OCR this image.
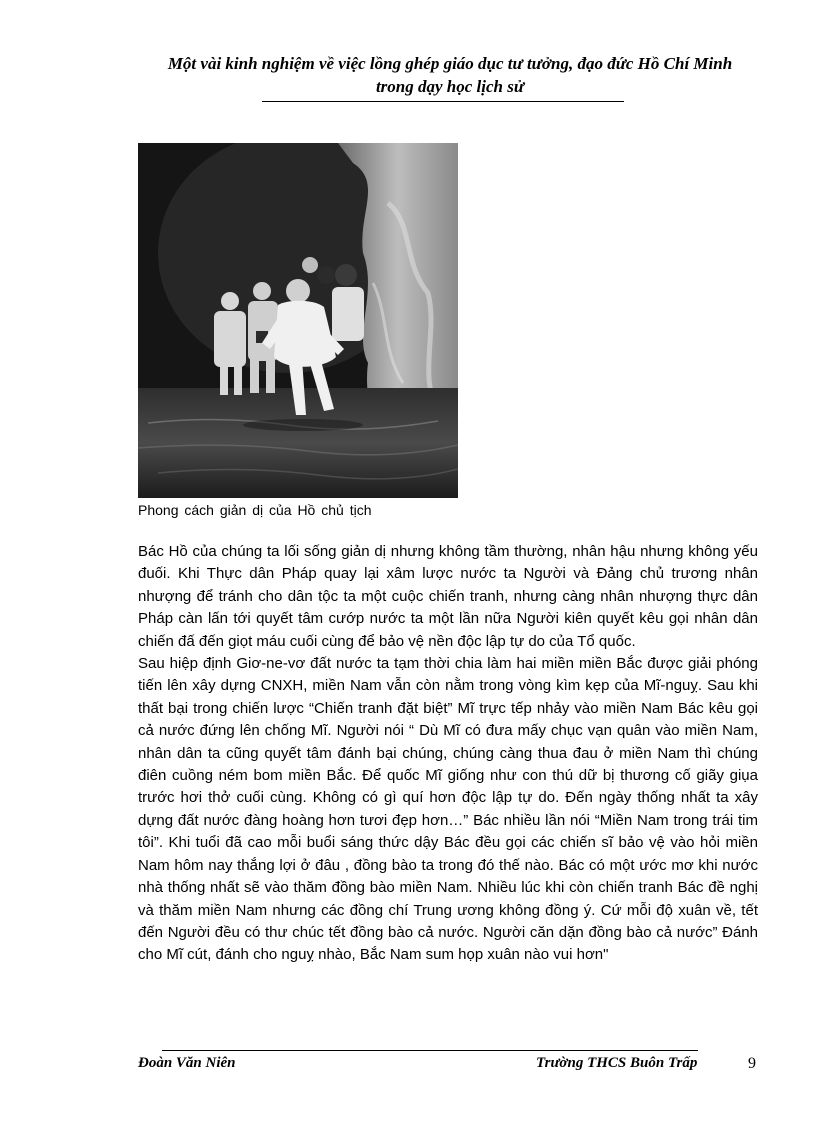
Một vài kinh nghiệm về việc lồng ghép giáo dục tư tưởng, đạo đức Hồ Chí Minh
trong dạy học lịch sử
Phong cách giản dị của Hồ chủ tịch

Bác Hồ của chúng ta lối sống giản dị nhưng không tầm thường, nhân hậu nhưng không yếu đuối. Khi Thực dân Pháp quay lại xâm lược nước ta Người và Đảng chủ trương nhân nhượng để tránh cho dân tộc ta một cuộc chiến tranh, nhưng càng nhân nhượng thực dân Pháp càn lấn tới quyết tâm cướp nước ta một lần nữa Người kiên quyết kêu gọi nhân dân chiến đấ đến giọt máu cuối cùng để bảo vệ nền độc lập tự do của Tổ quốc.

Sau hiệp định Giơ-ne-vơ đất nước ta tạm thời chia làm hai miền miền Bắc được giải phóng tiến lên xây dựng CNXH, miền Nam vẫn còn nằm trong vòng kìm kẹp của Mĩ-nguỵ. Sau khi thất bại trong chiến lược “Chiến tranh đặt biệt” Mĩ trực tếp nhảy vào miền Nam Bác kêu gọi cả nước đứng lên chống Mĩ. Người nói “ Dù Mĩ có đưa mấy chục vạn quân vào miền Nam, nhân dân ta cũng quyết tâm đánh bại chúng, chúng càng thua đau ở miền Nam thì chúng điên cuồng ném bom miền Bắc. Để quốc Mĩ giống như con thú dữ bị thương cố giãy giụa trước hơi thở cuối cùng. Không có gì quí hơn độc lập tự do. Đến ngày thống nhất ta xây dựng đất nước đàng hoàng hơn tươi đẹp hơn…” Bác nhiều lần nói “Miền Nam trong trái tim tôi”. Khi tuổi đã cao mỗi buổi sáng thức dậy Bác đều gọi các chiến sĩ bảo vệ vào hỏi miền Nam hôm nay thắng lợi ở đâu , đồng bào ta trong đó thế nào. Bác có một ước mơ khi nước nhà thống nhất sẽ vào thăm đồng bào miền Nam. Nhiều lúc khi còn chiến tranh Bác đề nghị và thăm miền Nam nhưng các đồng chí Trung ương không đồng ý. Cứ mỗi độ xuân về, tết đến Người đều có thư chúc tết đồng bào cả nước. Người căn dặn đồng bào cả nước” Đánh cho Mĩ cút, đánh cho nguỵ nhào, Bắc Nam sum họp xuân nào vui hơn"

Đoàn Văn Niên	Trường THCS Buôn Trấp	9
